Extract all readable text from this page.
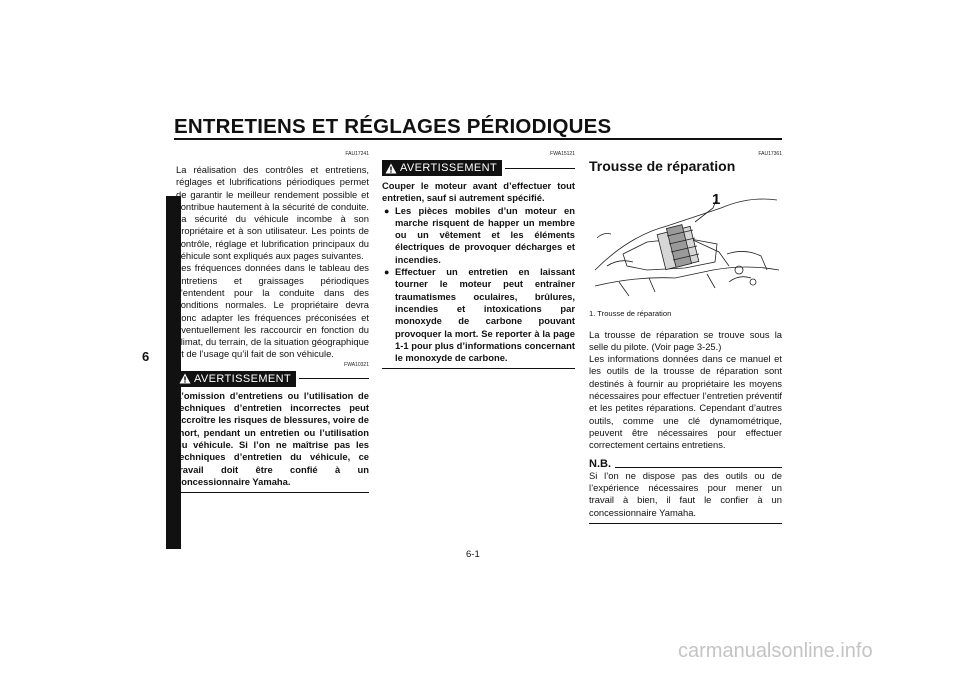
ENTRETIENS ET RÉGLAGES PÉRIODIQUES
6
FAU17241

La réalisation des contrôles et entretiens, réglages et lubrifications périodiques permet de garantir le meilleur rendement possible et contribue hautement à la sécurité de conduite. La sécurité du véhicule incombe à son propriétaire et à son utilisateur. Les points de contrôle, réglage et lubrification principaux du véhicule sont expliqués aux pages suivantes.

Les fréquences données dans le tableau des entretiens et graissages périodiques s’entendent pour la conduite dans des conditions normales. Le propriétaire devra donc adapter les fréquences préconisées et éventuellement les raccourcir en fonction du climat, du terrain, de la situation géographique et de l’usage qu’il fait de son véhicule.

FWA10321
AVERTISSEMENT

L’omission d’entretiens ou l’utilisation de techniques d’entretien incorrectes peut accroître les risques de blessures, voire de mort, pendant un entretien ou l’utilisation du véhicule. Si l’on ne maîtrise pas les techniques d’entretien du véhicule, ce travail doit être confié à un concessionnaire Yamaha.

FWA15121
AVERTISSEMENT

Couper le moteur avant d’effectuer tout entretien, sauf si autrement spécifié.

● Les pièces mobiles d’un moteur en marche risquent de happer un membre ou un vêtement et les éléments électriques de provoquer décharges et incendies.
● Effectuer un entretien en laissant tourner le moteur peut entraîner traumatismes oculaires, brûlures, incendies et intoxications par monoxyde de carbone pouvant provoquer la mort. Se reporter à la page 1-1 pour plus d’informations concernant le monoxyde de carbone.
FAU17361
Trousse de réparation
1
1. Trousse de réparation

La trousse de réparation se trouve sous la selle du pilote. (Voir page 3-25.)

Les informations données dans ce manuel et les outils de la trousse de réparation sont destinés à fournir au propriétaire les moyens nécessaires pour effectuer l’entretien préventif et les petites réparations. Cependant d’autres outils, comme une clé dynamométrique, peuvent être nécessaires pour effectuer correctement certains entretiens.

N.B.

Si l’on ne dispose pas des outils ou de l’expérience nécessaires pour mener un travail à bien, il faut le confier à un concessionnaire Yamaha.

6-1
carmanualsonline.info
